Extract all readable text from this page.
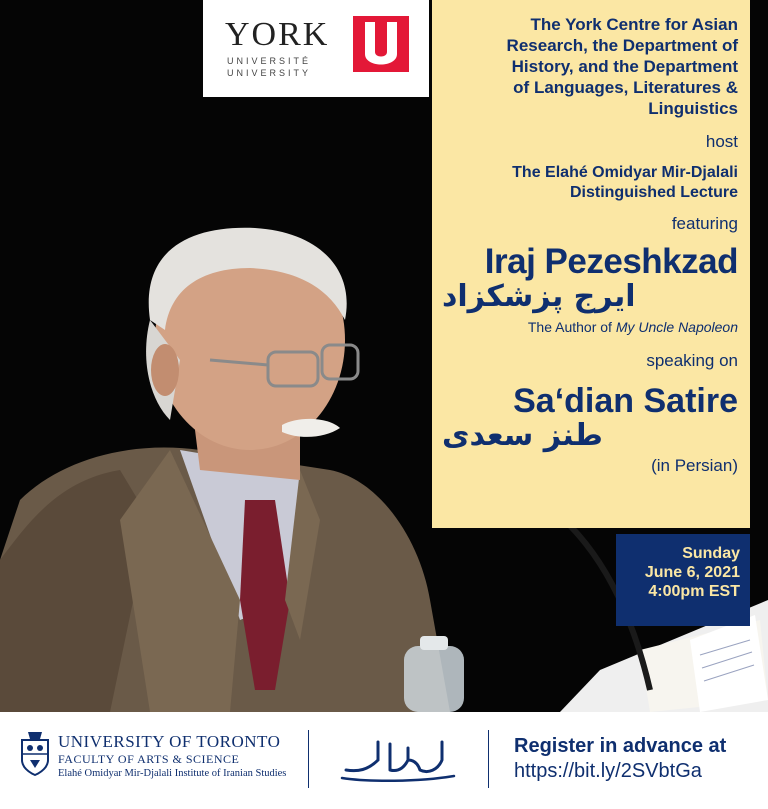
YORK
UNIVERSITÉ
UNIVERSITY
The York Centre for Asian
Research, the Department of
History, and the Department
of Languages, Literatures &
Linguistics
host
The Elahé Omidyar Mir-Djalali
Distinguished Lecture
featuring
Iraj Pezeshkzad
ایرج پزشکزاد
The Author of My Uncle Napoleon
speaking on
Sa‘dian Satire
طنز سعدی
(in Persian)
Sunday
June 6, 2021
4:00pm EST
UNIVERSITY OF TORONTO
FACULTY OF ARTS & SCIENCE
Elahé Omidyar Mir-Djalali Institute of Iranian Studies
Register in advance at
https://bit.ly/2SVbtGa
